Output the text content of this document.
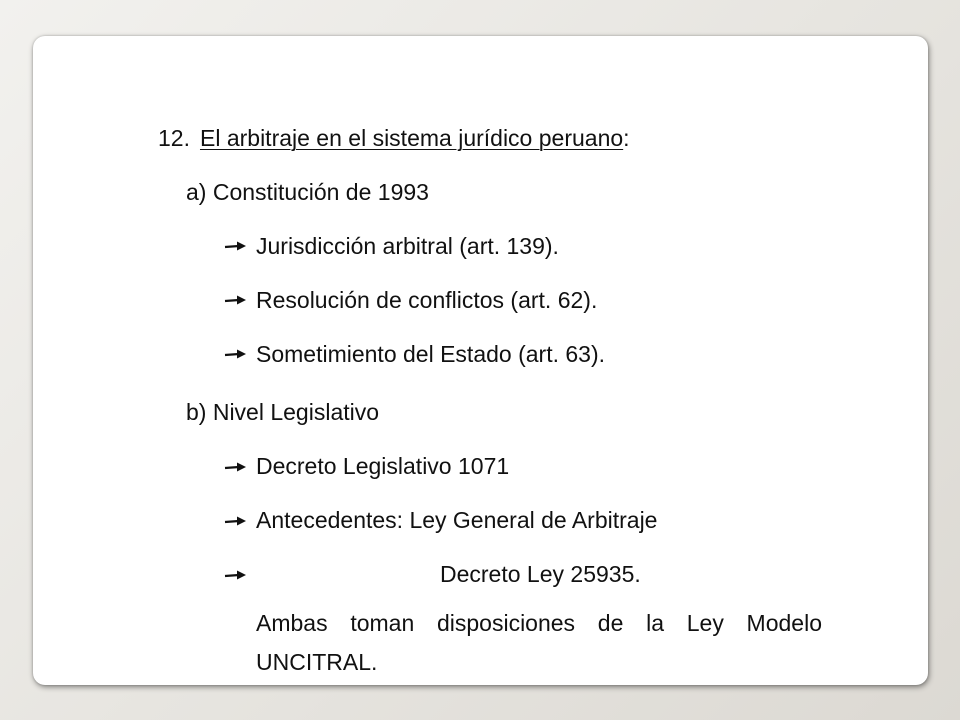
12. El arbitraje en el sistema jurídico peruano:
a) Constitución de 1993
Jurisdicción arbitral (art. 139).
Resolución de conflictos (art. 62).
Sometimiento del Estado (art. 63).
b) Nivel Legislativo
Decreto Legislativo 1071
Antecedentes: Ley General de Arbitraje
Decreto Ley 25935.
Ambas toman disposiciones de la Ley Modelo UNCITRAL.
